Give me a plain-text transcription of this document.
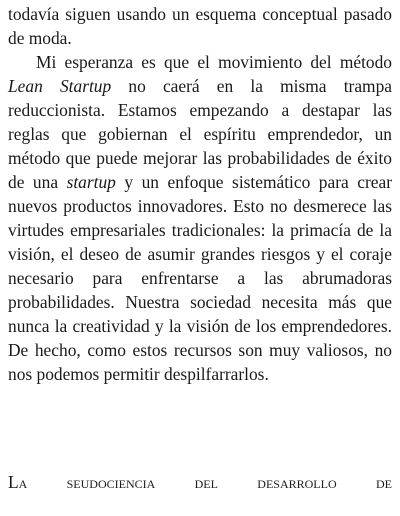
todavía siguen usando un esquema conceptual pasado de moda.

Mi esperanza es que el movimiento del método Lean Startup no caerá en la misma trampa reduccionista. Estamos empezando a destapar las reglas que gobiernan el espíritu emprendedor, un método que puede mejorar las probabilidades de éxito de una startup y un enfoque sistemático para crear nuevos productos innovadores. Esto no desmerece las virtudes empresariales tradicionales: la primacía de la visión, el deseo de asumir grandes riesgos y el coraje necesario para enfrentarse a las abrumadoras probabilidades. Nuestra sociedad necesita más que nunca la creatividad y la visión de los emprendedores. De hecho, como estos recursos son muy valiosos, no nos podemos permitir despilfarrarlos.

La seudociencia del desarrollo de
